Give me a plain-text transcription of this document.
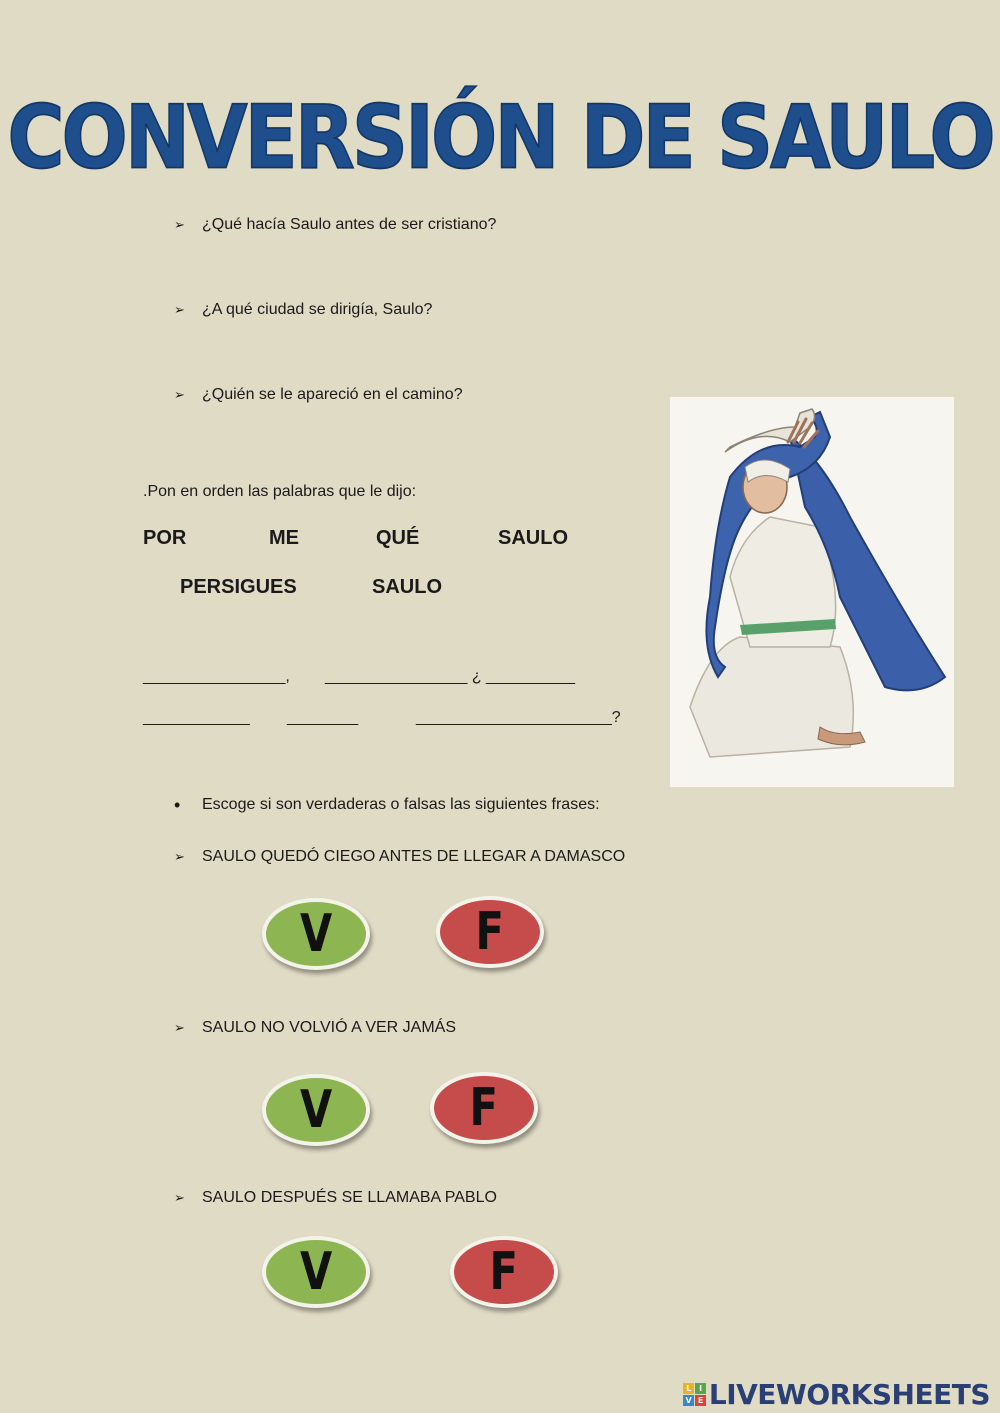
CONVERSIÓN DE SAULO
➢	¿Qué hacía Saulo antes de ser cristiano?
➢	¿A qué ciudad se dirigía, Saulo?
➢	¿Quién se le apareció en el camino?
.Pon en orden las palabras que le dijo:
POR	ME	QUÉ	SAULO
PERSIGUES	SAULO
________________, ________________ ¿ __________
____________ ________	______________________?
•	Escoge si son verdaderas o falsas las siguientes frases:
➢	SAULO QUEDÓ CIEGO ANTES DE LLEGAR A DAMASCO
V	F
➢	SAULO NO VOLVIÓ A VER JAMÁS
V	F
➢	SAULO DESPUÉS SE LLAMABA PABLO
V	F
L	I
V E LIVEWORKSHEETS
